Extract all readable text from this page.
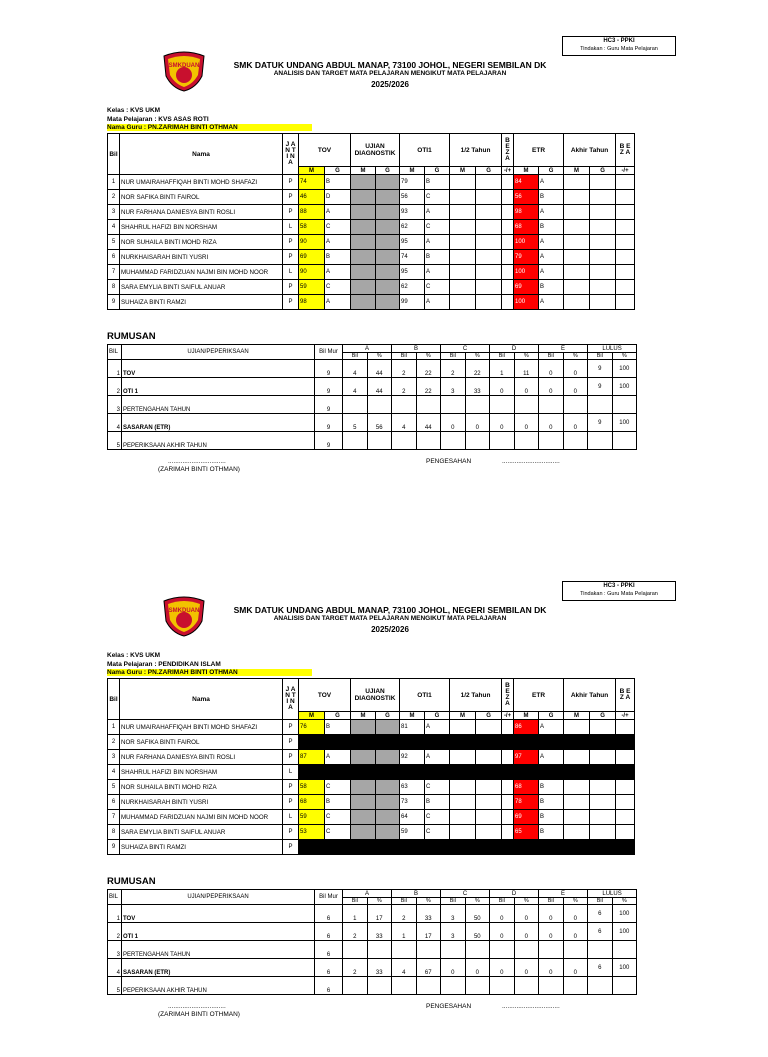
HC3 - PPKI
Tindakan : Guru Mata Pelajaran
SMKDUAN	SMK DATUK UNDANG ABDUL MANAP, 73100 JOHOL, NEGERI SEMBILAN DK
ANALISIS DAN TARGET MATA PELAJARAN MENGIKUT MATA PELAJARAN
2025/2026
Kelas : KVS UKM
Mata Pelajaran : KVS ASAS ROTI
Nama Guru : PN.ZARIMAH BINTI OTHMAN
Bil	Nama	J A N T I N A	TOV		UJIAN DIAGNOSTIK		OTI1		1/2 Tahun		B E Z A	ETR		Akhir Tahun		B E Z A
			M	G	M	G	M	G	M	G	-/+	M	G	M	G	-/+
1	NUR UMAIRAHAFFIQAH BINTI MOHD SHAFAZI	P	74	B			79	B				84	A			
2	NOR SAFIKA BINTI FAIROL	P	46	D			56	C				56	B			
3	NUR FARHANA DANIESYA BINTI ROSLI	P	88	A			93	A				98	A			
4	SHAHRUL HAFIZI BIN NORSHAM	L	58	C			62	C				68	B			
5	NOR SUHAILA BINTI MOHD RIZA	P	90	A			95	A				100	A			
6	NURKHAISARAH BINTI YUSRI	P	69	B			74	B				79	A			
7	MUHAMMAD FARIDZUAN NAJMI BIN MOHD NOOR	L	90	A			95	A				100	A			
8	SARA EMYLIA BINTI SAIFUL ANUAR	P	59	C			62	C				69	B			
9	SUHAIZA BINTI RAMZI	P	98	A			99	A				100	A			
RUMUSAN
BIL	UJIAN/PEPERIKSAAN	Bil Mur	A		B		C		D		E		LULUS	
			Bil	%	Bil	%	Bil	%	Bil	%	Bil	%	Bil	%
1	TOV	9	4	44	2	22	2	22	1	11	0	0	9	100
2	OTI 1	9	4	44	2	22	3	33	0	0	0	0	9	100
3	PERTENGAHAN TAHUN	9												
4	SASARAN (ETR)	9	5	56	4	44	0	0	0	0	0	0	9	100
5	PEPERIKSAAN AKHIR TAHUN	9												
................................
(ZARIMAH BINTI OTHMAN)
PENGESAHAN	................................
HC3 - PPKI
Tindakan : Guru Mata Pelajaran
SMKDUAN	SMK DATUK UNDANG ABDUL MANAP, 73100 JOHOL, NEGERI SEMBILAN DK
ANALISIS DAN TARGET MATA PELAJARAN MENGIKUT MATA PELAJARAN
2025/2026
Kelas : KVS UKM
Mata Pelajaran : PENDIDIKAN ISLAM
Nama Guru : PN.ZARIMAH BINTI OTHMAN
Bil	Nama	J A N T I N A	TOV		UJIAN DIAGNOSTIK		OTI1		1/2 Tahun		B E Z A	ETR		Akhir Tahun		B E Z A
			M	G	M	G	M	G	M	G	-/+	M	G	M	G	-/+
1	NUR UMAIRAHAFFIQAH BINTI MOHD SHAFAZI	P	76	B			81	A				86	A			
2	NOR SAFIKA BINTI FAIROL	P														
3	NUR FARHANA DANIESYA BINTI ROSLI	P	87	A			92	A				97	A			
4	SHAHRUL HAFIZI BIN NORSHAM	L														
5	NOR SUHAILA BINTI MOHD RIZA	P	58	C			63	C				68	B			
6	NURKHAISARAH BINTI YUSRI	P	68	B			73	B				78	B			
7	MUHAMMAD FARIDZUAN NAJMI BIN MOHD NOOR	L	59	C			64	C				69	B			
8	SARA EMYLIA BINTI SAIFUL ANUAR	P	53	C			59	C				65	B			
9	SUHAIZA BINTI RAMZI	P														
RUMUSAN
BIL	UJIAN/PEPERIKSAAN	Bil Mur	A		B		C		D		E		LULUS	
			Bil	%	Bil	%	Bil	%	Bil	%	Bil	%	Bil	%
1	TOV	6	1	17	2	33	3	50	0	0	0	0	6	100
2	OTI 1	6	2	33	1	17	3	50	0	0	0	0	6	100
3	PERTENGAHAN TAHUN	6												
4	SASARAN (ETR)	6	2	33	4	67	0	0	0	0	0	0	6	100
5	PEPERIKSAAN AKHIR TAHUN	6												
................................
(ZARIMAH BINTI OTHMAN)
PENGESAHAN	................................
